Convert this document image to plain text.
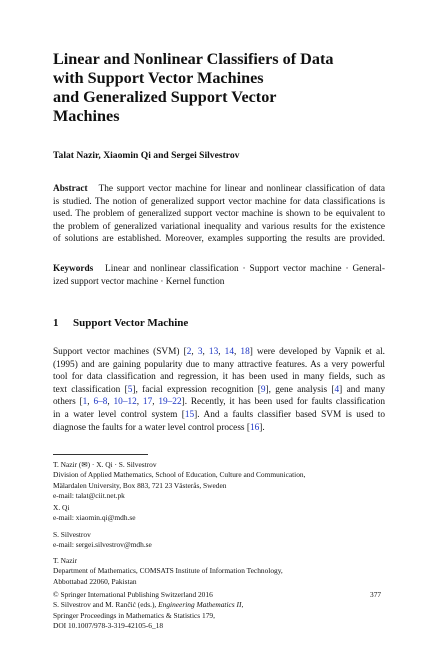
Linear and Nonlinear Classifiers of Data
with Support Vector Machines
and Generalized Support Vector
Machines
Talat Nazir, Xiaomin Qi and Sergei Silvestrov
Abstract The support vector machine for linear and nonlinear classification of data
is studied. The notion of generalized support vector machine for data classifications is
used. The problem of generalized support vector machine is shown to be equivalent to
the problem of generalized variational inequality and various results for the existence
of solutions are established. Moreover, examples supporting the results are provided.
Keywords Linear and nonlinear classification · Support vector machine · General-
ized support vector machine · Kernel function
1 Support Vector Machine
Support vector machines (SVM) [2, 3, 13, 14, 18] were developed by Vapnik et al.
(1995) and are gaining popularity due to many attractive features. As a very powerful
tool for data classification and regression, it has been used in many fields, such as
text classification [5], facial expression recognition [9], gene analysis [4] and many
others [1, 6–8, 10–12, 17, 19–22]. Recently, it has been used for faults classification
in a water level control system [15]. And a faults classifier based SVM is used to
diagnose the faults for a water level control process [16].
T. Nazir (✉) · X. Qi · S. Silvestrov
Division of Applied Mathematics, School of Education, Culture and Communication,
Mälardalen University, Box 883, 721 23 Västerås, Sweden
e-mail: talat@ciit.net.pk
X. Qi
e-mail: xiaomin.qi@mdh.se
S. Silvestrov
e-mail: sergei.silvestrov@mdh.se
T. Nazir
Department of Mathematics, COMSATS Institute of Information Technology,
Abbottabad 22060, Pakistan
© Springer International Publishing Switzerland 2016
S. Silvestrov and M. Rančić (eds.), Engineering Mathematics II,
Springer Proceedings in Mathematics & Statistics 179,
DOI 10.1007/978-3-319-42105-6_18
377
